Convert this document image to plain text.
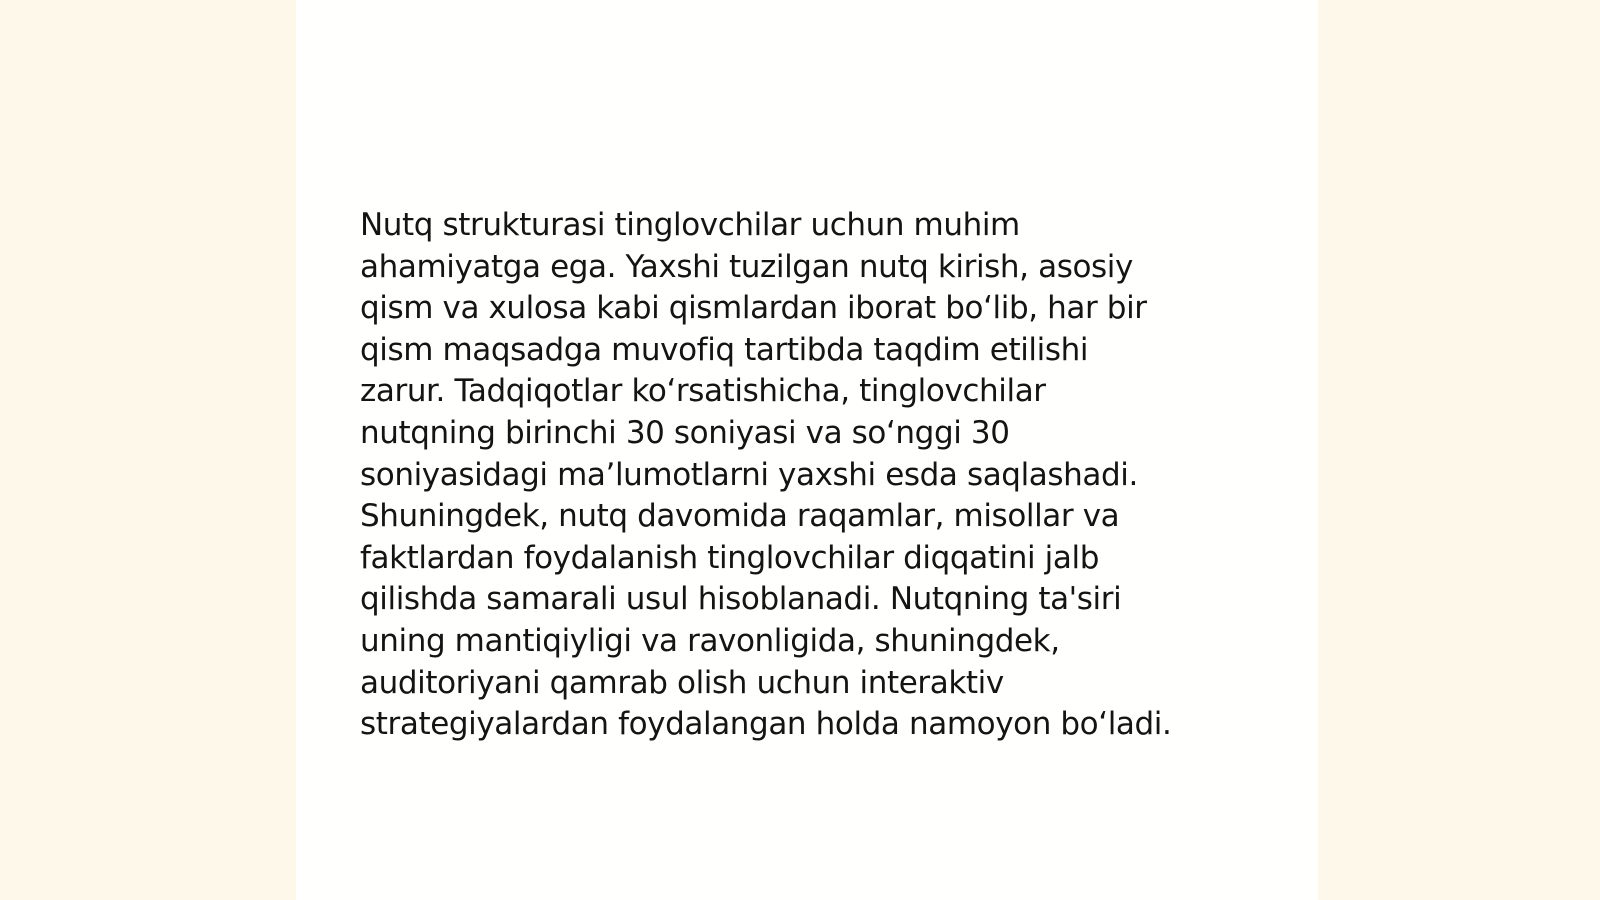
Nutq strukturasi tinglovchilar uchun muhim
ahamiyatga ega. Yaxshi tuzilgan nutq kirish, asosiy
qism va xulosa kabi qismlardan iborat bo‘lib, har bir
qism maqsadga muvofiq tartibda taqdim etilishi
zarur. Tadqiqotlar ko‘rsatishicha, tinglovchilar
nutqning birinchi 30 soniyasi va so‘nggi 30
soniyasidagi ma’lumotlarni yaxshi esda saqlashadi.
Shuningdek, nutq davomida raqamlar, misollar va
faktlardan foydalanish tinglovchilar diqqatini jalb
qilishda samarali usul hisoblanadi. Nutqning ta'siri
uning mantiqiyligi va ravonligida, shuningdek,
auditoriyani qamrab olish uchun interaktiv
strategiyalardan foydalangan holda namoyon bo‘ladi.
